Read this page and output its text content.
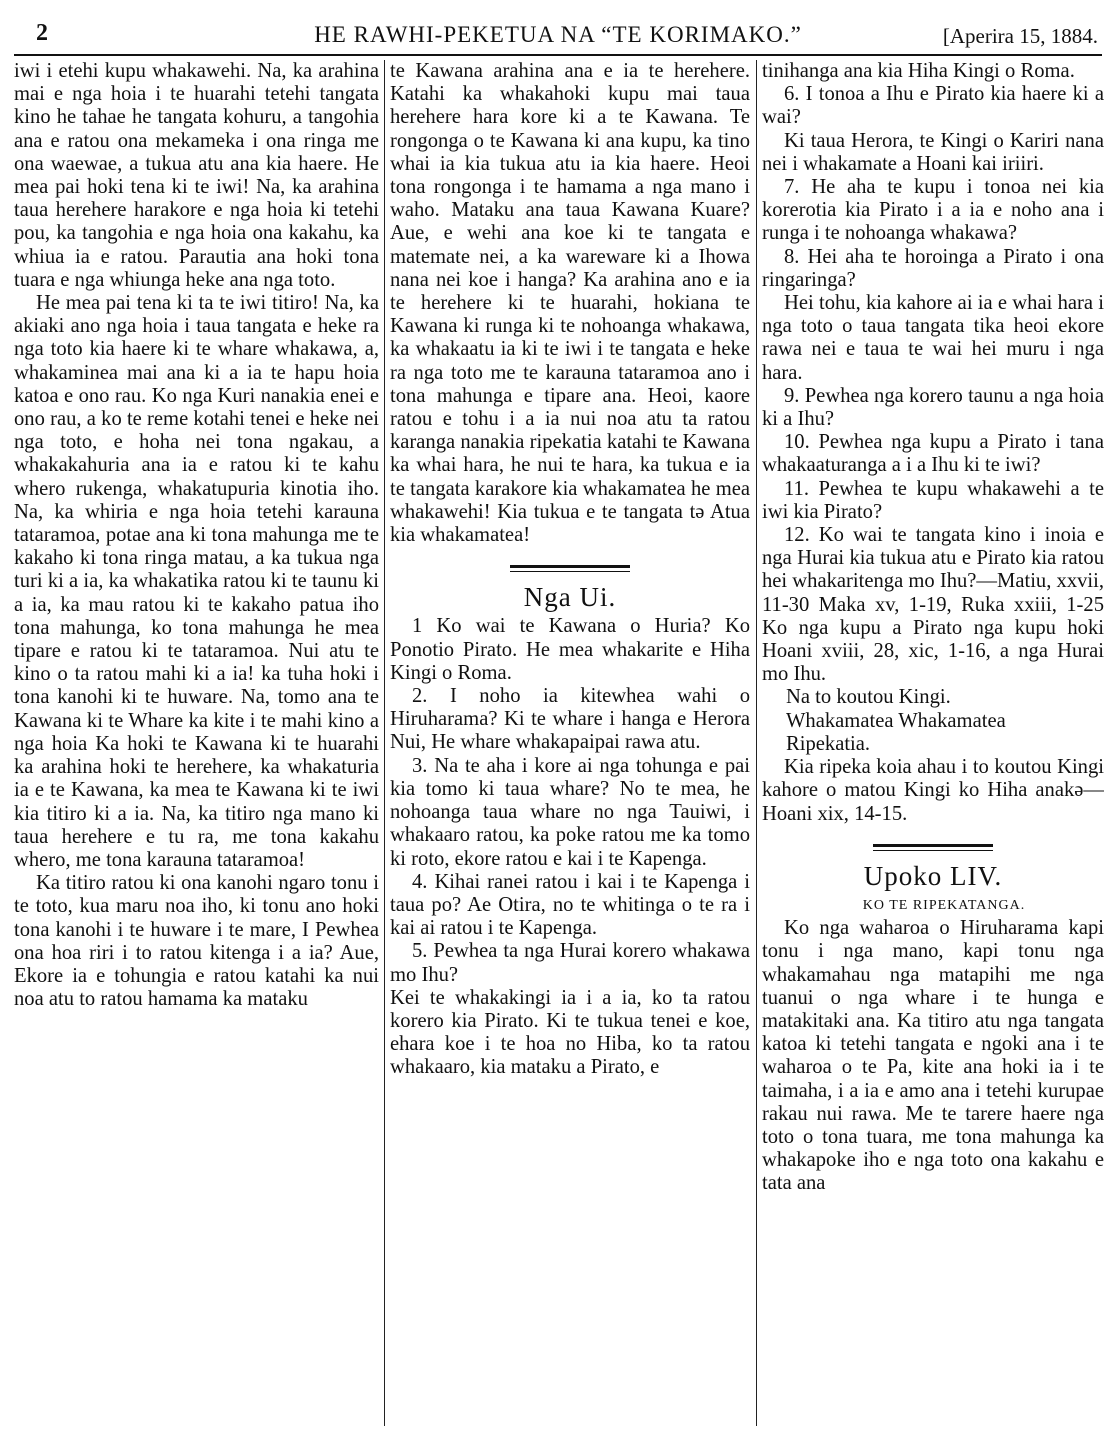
2	HE RAWHI-PEKETUA NA “TE KORIMAKO.”	[Aperira 15, 1884.

iwi i etehi kupu whakawehi. Na, ka arahina mai e nga hoia i te huarahi tetehi tangata kino he tahae he tangata kohuru, a tangohia ana e ratou ona mekameka i ona ringa me ona waewae, a tukua atu ana kia haere. He mea pai hoki tena ki te iwi! Na, ka arahina taua herehere harakore e nga hoia ki tetehi pou, ka tangohia e nga hoia ona kakahu, ka whiua ia e ratou. Parautia ana hoki tona tuara e nga whiunga heke ana nga toto.

He mea pai tena ki ta te iwi titiro! Na, ka akiaki ano nga hoia i taua tangata e heke ra nga toto kia haere ki te whare whakawa, a, whakaminea mai ana ki a ia te hapu hoia katoa e ono rau. Ko nga Kuri nanakia enei e ono rau, a ko te reme kotahi tenei e heke nei nga toto, e hoha nei tona ngakau, a whakakahuria ana ia e ratou ki te kahu whero rukenga, whakatupuria kinotia iho. Na, ka whiria e nga hoia tetehi karauna tataramoa, potae ana ki tona mahunga me te kakaho ki tona ringa matau, a ka tukua nga turi ki a ia, ka whakatika ratou ki te taunu ki a ia, ka mau ratou ki te kakaho patua iho tona mahunga, ko tona mahunga he mea tipare e ratou ki te tataramoa. Nui atu te kino o ta ratou mahi ki a ia! ka tuha hoki i tona kanohi ki te huware. Na, tomo ana te Kawana ki te Whare ka kite i te mahi kino a nga hoia Ka hoki te Kawana ki te huarahi ka arahina hoki te herehere, ka whakaturia ia e te Kawana, ka mea te Kawana ki te iwi kia titiro ki a ia. Na, ka titiro nga mano ki taua herehere e tu ra, me tona kakahu whero, me tona karauna tataramoa!

Ka titiro ratou ki ona kanohi ngaro tonu i te toto, kua maru noa iho, ki tonu ano hoki tona kanohi i te huware i te mare, I Pewhea ona hoa riri i to ratou kitenga i a ia? Aue, Ekore ia e tohungia e ratou katahi ka nui noa atu to ratou hamama ka mataku

te Kawana arahina ana e ia te herehere. Katahi ka whakahoki kupu mai taua herehere hara kore ki a te Kawana. Te rongonga o te Kawana ki ana kupu, ka tino whai ia kia tukua atu ia kia haere. Heoi tona rongonga i te hamama a nga mano i waho. Mataku ana taua Kawana Kuare? Aue, e wehi ana koe ki te tangata e matemate nei, a ka wareware ki a Ihowa nana nei koe i hanga? Ka arahina ano e ia te herehere ki te huarahi, hokiana te Kawana ki runga ki te nohoanga whakawa, ka whakaatu ia ki te iwi i te tangata e heke ra nga toto me te karauna tataramoa ano i tona mahunga e tipare ana. Heoi, kaore ratou e tohu i a ia nui noa atu ta ratou karanga nanakia ripekatia katahi te Kawana ka whai hara, he nui te hara, ka tukua e ia te tangata karakore kia whakamatea he mea whakawehi! Kia tukua e te tangata tə Atua kia whakamatea!

Nga Ui.

1 Ko wai te Kawana o Huria? Ko Ponotio Pirato. He mea whakarite e Hiha Kingi o Roma.

2. I noho ia kitewhea wahi o Hiruharama? Ki te whare i hanga e Herora Nui, He whare whakapaipai rawa atu.

3. Na te aha i kore ai nga tohunga e pai kia tomo ki taua whare? No te mea, he nohoanga taua whare no nga Tauiwi, i whakaaro ratou, ka poke ratou me ka tomo ki roto, ekore ratou e kai i te Kapenga.

4. Kihai ranei ratou i kai i te Kapenga i taua po? Ae Otira, no te whitinga o te ra i kai ai ratou i te Kapenga.

5. Pewhea ta nga Hurai korero whakawa mo Ihu?

Kei te whakakingi ia i a ia, ko ta ratou korero kia Pirato. Ki te tukua tenei e koe, ehara koe i te hoa no Hiba, ko ta ratou whakaaro, kia mataku a Pirato, e

tinihanga ana kia Hiha Kingi o Roma.

6. I tonoa a Ihu e Pirato kia haere ki a wai?

Ki taua Herora, te Kingi o Kariri nana nei i whakamate a Hoani kai iriiri.

7. He aha te kupu i tonoa nei kia korerotia kia Pirato i a ia e noho ana i runga i te nohoanga whakawa?

8. Hei aha te horoinga a Pirato i ona ringaringa?

Hei tohu, kia kahore ai ia e whai hara i nga toto o taua tangata tika heoi ekore rawa nei e taua te wai hei muru i nga hara.

9. Pewhea nga korero taunu a nga hoia ki a Ihu?

10. Pewhea nga kupu a Pirato i tana whakaaturanga a i a Ihu ki te iwi?

11. Pewhea te kupu whakawehi a te iwi kia Pirato?

12. Ko wai te tangata kino i inoia e nga Hurai kia tukua atu e Pirato kia ratou hei whakaritenga mo Ihu?—Matiu, xxvii, 11-30 Maka xv, 1-19, Ruka xxiii, 1-25 Ko nga kupu a Pirato nga kupu hoki Hoani xviii, 28, xic, 1-16, a nga Hurai mo Ihu.

Na to koutou Kingi.

Whakamatea Whakamatea

Ripekatia.

Kia ripeka koia ahau i to koutou Kingi kahore o matou Kingi ko Hiha anakə—Hoani xix, 14-15.

Upoko LIV.

KO TE RIPEKATANGA.

Ko nga waharoa o Hiruharama kapi tonu i nga mano, kapi tonu nga whakamahau nga matapihi me nga tuanui o nga whare i te hunga e matakitaki ana. Ka titiro atu nga tangata katoa ki tetehi tangata e ngoki ana i te waharoa o te Pa, kite ana hoki ia i te taimaha, i a ia e amo ana i tetehi kurupae rakau nui rawa. Me te tarere haere nga toto o tona tuara, me tona mahunga ka whakapoke iho e nga toto ona kakahu e tata ana
